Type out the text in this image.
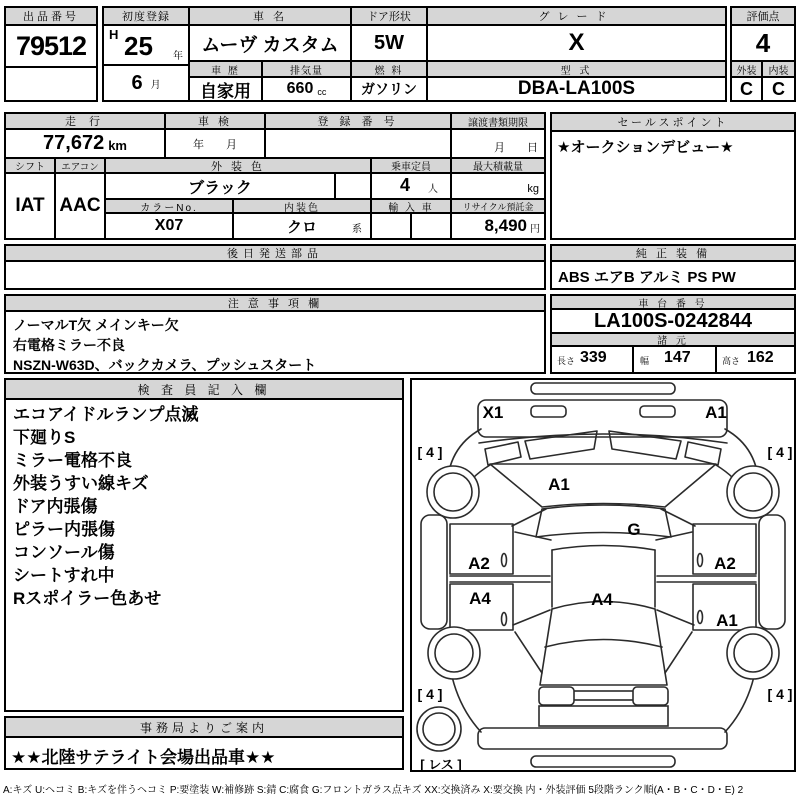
出品番号
79512
初度登録
H 25 年
6 月
車 名
ムーヴ カスタム
車 歴	排気量
自家用	660 cc
ドア形状
5W
燃 料
ガソリン
グレード
X
型 式
DBA-LA100S
評価点
4
外装	内装
C	C
走 行
77,672 km
車 検
年　　月
登 録 番 号	譲渡書類期限
月　　日
シフト
IAT
エアコン
AAC
外 装 色
ブラック
カラーNo.	内装色
X07	クロ	系
乗車定員
4 人
輸 入 車
最大積載量
kg
リサイクル預託金
8,490 円
セールスポイント
★オークションデビュー★
後日発送部品	純 正 装 備
ABS エアB アルミ PS PW
注 意 事 項 欄
ノーマルT欠 メインキー欠
右電格ミラー不良
NSZN-W63D、バックカメラ、プッシュスタート
車 台 番 号
LA100S-0242844
諸 元
長さ 339	幅 147	高さ 162
検 査 員 記 入 欄
エコアイドルランプ点滅
下廻りS
ミラー電格不良
外装うすい線キズ
ドア内張傷
ピラー内張傷
コンソール傷
シートすれ中
Rスポイラー色あせ
事務局よりご案内
★★北陸サテライト会場出品車★★
X1	A1
A1
G
A2	A2
A4	A4
A1
[ 4 ]	[ 4 ]
[ 4 ]	[ 4 ]
[ レス ]
A:キズ U:ヘコミ B:キズを伴うヘコミ P:要塗装 W:補修跡 S:錆 C:腐食 G:フロントガラス点キズ XX:交換済み X:要交換 内・外装評価 5段階ランク順(A・B・C・D・E) 2
